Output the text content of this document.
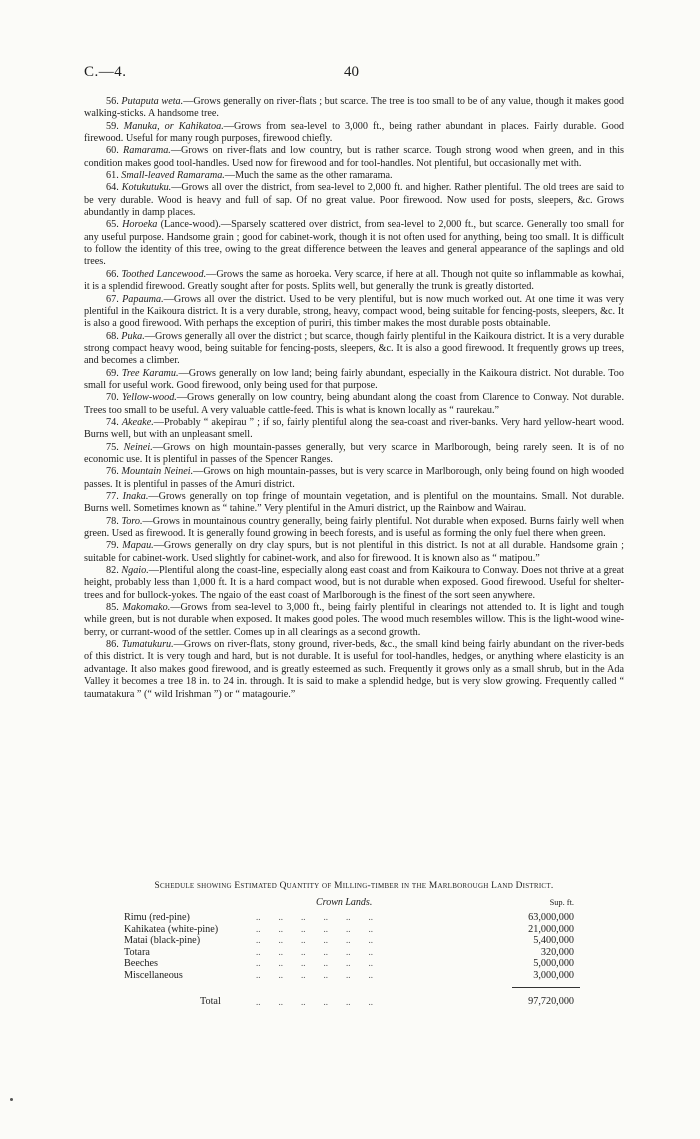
C.—4.	40

56. Putaputa weta.—Grows generally on river-flats ; but scarce. The tree is too small to be of any value, though it makes good walking-sticks. A handsome tree.

59. Manuka, or Kahikatoa.—Grows from sea-level to 3,000 ft., being rather abundant in places. Fairly durable. Good firewood. Useful for many rough purposes, firewood chiefly.

60. Ramarama.—Grows on river-flats and low country, but is rather scarce. Tough strong wood when green, and in this condition makes good tool-handles. Used now for firewood and for tool-handles. Not plentiful, but occasionally met with.

61. Small-leaved Ramarama.—Much the same as the other ramarama.

64. Kotukutuku.—Grows all over the district, from sea-level to 2,000 ft. and higher. Rather plentiful. The old trees are said to be very durable. Wood is heavy and full of sap. Of no great value. Poor firewood. Now used for posts, sleepers, &c. Grows abundantly in damp places.

65. Horoeka (Lance-wood).—Sparsely scattered over district, from sea-level to 2,000 ft., but scarce. Generally too small for any useful purpose. Handsome grain ; good for cabinet-work, though it is not often used for anything, being too small. It is difficult to follow the identity of this tree, owing to the great difference between the leaves and general appearance of the saplings and old trees.

66. Toothed Lancewood.—Grows the same as horoeka. Very scarce, if here at all. Though not quite so inflammable as kowhai, it is a splendid firewood. Greatly sought after for posts. Splits well, but generally the trunk is greatly distorted.

67. Papauma.—Grows all over the district. Used to be very plentiful, but is now much worked out. At one time it was very plentiful in the Kaikoura district. It is a very durable, strong, heavy, compact wood, being suitable for fencing-posts, sleepers, &c. It is also a good firewood. With perhaps the exception of puriri, this timber makes the most durable posts obtainable.

68. Puka.—Grows generally all over the district ; but scarce, though fairly plentiful in the Kaikoura district. It is a very durable strong compact heavy wood, being suitable for fencing-posts, sleepers, &c. It is also a good firewood. It frequently grows up trees, and becomes a climber.

69. Tree Karamu.—Grows generally on low land; being fairly abundant, especially in the Kaikoura district. Not durable. Too small for useful work. Good firewood, only being used for that purpose.

70. Yellow-wood.—Grows generally on low country, being abundant along the coast from Clarence to Conway. Not durable. Trees too small to be useful. A very valuable cattle-feed. This is what is known locally as “ raurekau.”

74. Akeake.—Probably “ akepirau ” ; if so, fairly plentiful along the sea-coast and river-banks. Very hard yellow-heart wood. Burns well, but with an unpleasant smell.

75. Neinei.—Grows on high mountain-passes generally, but very scarce in Marlborough, being rarely seen. It is of no economic use. It is plentiful in passes of the Spencer Ranges.

76. Mountain Neinei.—Grows on high mountain-passes, but is very scarce in Marlborough, only being found on high wooded passes. It is plentiful in passes of the Amuri district.

77. Inaka.—Grows generally on top fringe of mountain vegetation, and is plentiful on the mountains. Small. Not durable. Burns well. Sometimes known as “ tahine.” Very plentiful in the Amuri district, up the Rainbow and Wairau.

78. Toro.—Grows in mountainous country generally, being fairly plentiful. Not durable when exposed. Burns fairly well when green. Used as firewood. It is generally found growing in beech forests, and is useful as forming the only fuel there when green.

79. Mapau.—Grows generally on dry clay spurs, but is not plentiful in this district. Is not at all durable. Handsome grain ; suitable for cabinet-work. Used slightly for cabinet-work, and also for firewood. It is known also as “ matipou.”

82. Ngaio.—Plentiful along the coast-line, especially along east coast and from Kaikoura to Conway. Does not thrive at a great height, probably less than 1,000 ft. It is a hard compact wood, but is not durable when exposed. Good firewood. Useful for shelter-trees and for bullock-yokes. The ngaio of the east coast of Marlborough is the finest of the sort seen anywhere.

85. Makomako.—Grows from sea-level to 3,000 ft., being fairly plentiful in clearings not attended to. It is light and tough while green, but is not durable when exposed. It makes good poles. The wood much resembles willow. This is the light-wood wine-berry, or currant-wood of the settler. Comes up in all clearings as a second growth.

86. Tumatukuru.—Grows on river-flats, stony ground, river-beds, &c., the small kind being fairly abundant on the river-beds of this district. It is very tough and hard, but is not durable. It is useful for tool-handles, hedges, or anything where elasticity is an advantage. It also makes good firewood, and is greatly esteemed as such. Frequently it grows only as a small shrub, but in the Ada Valley it becomes a tree 18 in. to 24 in. through. It is said to make a splendid hedge, but is very slow growing. Frequently called “ taumatakura ” (“ wild Irishman ”) or “ matagourie.”

Schedule showing Estimated Quantity of Milling-timber in the Marlborough Land District.
Crown Lands.	Sup. ft.
Rimu (red-pine)	..        ..        ..        ..        ..        ..	63,000,000
Kahikatea (white-pine)	..        ..        ..        ..        ..        ..	21,000,000
Matai (black-pine)	..        ..        ..        ..        ..        ..	5,400,000
Totara	..        ..        ..        ..        ..        ..	320,000
Beeches	..        ..        ..        ..        ..        ..	5,000,000
Miscellaneous	..        ..        ..        ..        ..        ..	3,000,000
Total	..        ..        ..        ..        ..        ..	97,720,000
